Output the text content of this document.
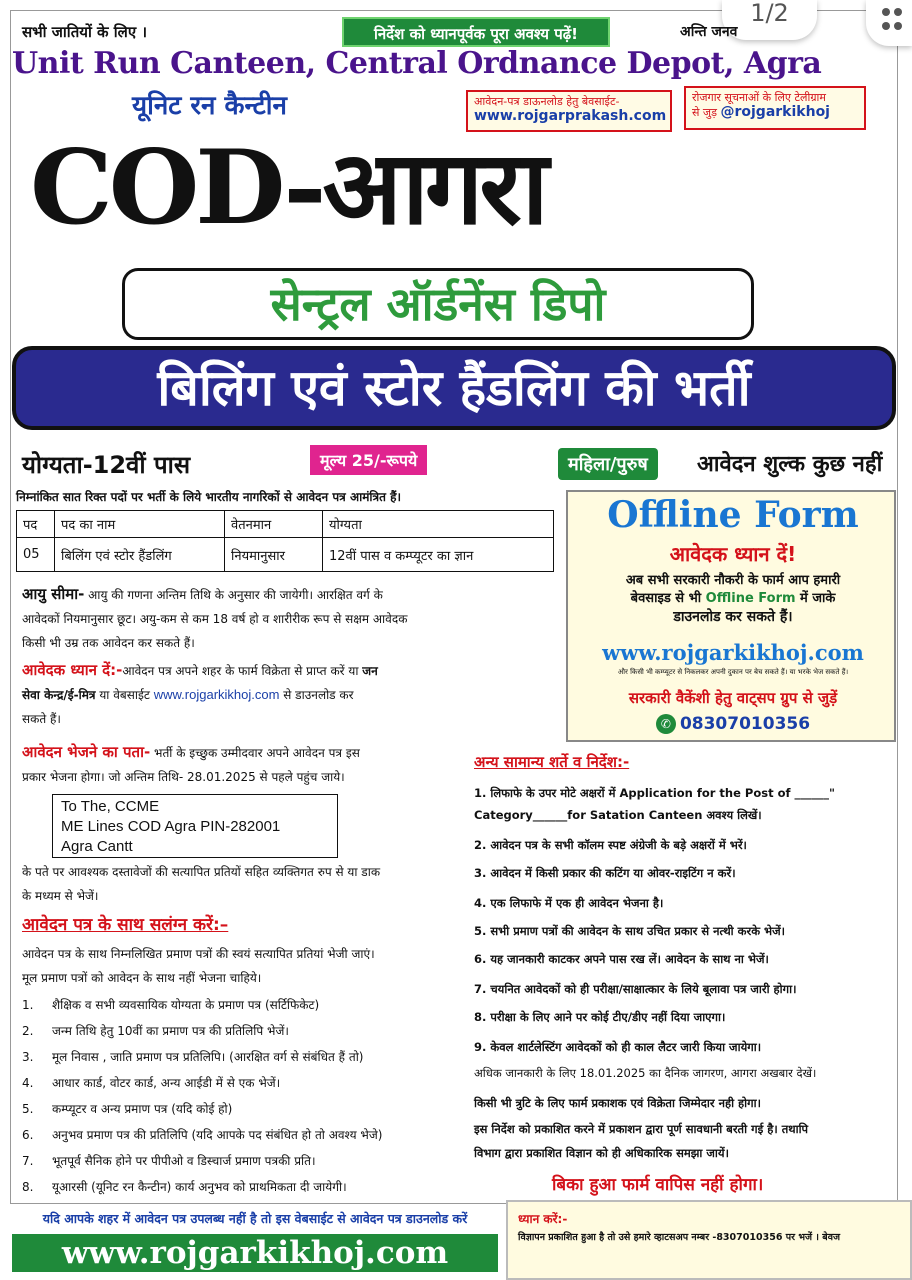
1/2
सभी जातियों के लिए ।	निर्देश को ध्यानपूर्वक पूरा अवश्य पढ़ें!	अन्ति जनव
Unit Run Canteen, Central Ordnance Depot, Agra
यूनिट रन कैन्टीन	आवेदन-पत्र डाऊनलोड हेतु बेवसाईट-
www.rojgarprakash.com
रोजगार सूचनाओं के लिए टेलीग्राम
से जुड़ @rojgarkikhoj
COD-आगरा
सेन्ट्रल ऑर्डनेंस डिपो
बिलिंग एवं स्टोर हैंडलिंग की भर्ती
योग्यता-12वीं पास	मूल्य 25/-रूपये	महिला/पुरुष	आवेदन शुल्क कुछ नहीं
निम्नांकित सात रिक्त पदों पर भर्ती के लिये भारतीय नागरिकों से आवेदन पत्र आमंत्रित हैं।
पद	पद का नाम	वेतनमान	योग्यता
05	बिलिंग एवं स्टोर हैंडलिंग	नियमानुसार	12वीं पास व कम्प्यूटर का ज्ञान
Offline Form
आवेदक ध्यान दें!
अब सभी सरकारी नौकरी के फार्म आप हमारी
बेवसाइड से भी Offline Form में जाके
डाउनलोड कर सकते हैं।
www.rojgarkikhoj.com
और किसी भी कम्प्यूटर से निकलकर अपनी दुकान पर बेच सकते हैं। या भरके भेज सकते हैं।
सरकारी वैकेंशी हेतु वाट्सप ग्रुप से जुड़ें
✆ 08307010356
आयु सीमा- आयु की गणना अन्तिम तिथि के अनुसार की जायेगी। आरक्षित वर्ग के
आवेदकों नियमानुसार छूट। अयु-कम से कम 18 वर्ष हो व शारीरीक रूप से सक्षम आवेदक
किसी भी उम्र तक आवेदन कर सकते हैं।
आवेदक ध्यान दें:-आवेदन पत्र अपने शहर के फार्म विक्रेता से प्राप्त करें या जन
सेवा केन्द्र/ई-मित्र या वेबसाईट www.rojgarkikhoj.com से डाउनलोड कर
सकते हैं।
आवेदन भेजने का पता- भर्ती के इच्छुक उम्मीदवार अपने आवेदन पत्र इस
प्रकार भेजना होगा। जो अन्तिम तिथि- 28.01.2025 से पहले पहुंच जाये।
To The, CCME
ME Lines COD Agra PIN-282001
Agra Cantt
के पते पर आवश्यक दस्तावेजों की सत्यापित प्रतियों सहित व्यक्तिगत रुप से या डाक
के मध्यम से भेजें।
आवेदन पत्र के साथ सलंग्न करें:–
आवेदन पत्र के साथ निम्नलिखित प्रमाण पत्रों की स्वयं सत्यापित प्रतियां भेजी जाएं।
मूल प्रमाण पत्रों को आवेदन के साथ नहीं भेजना चाहिये।
1. शैक्षिक व सभी व्यवसायिक योग्यता के प्रमाण पत्र (सर्टिफिकेट)
2. जन्म तिथि हेतु 10वीं का प्रमाण पत्र की प्रतिलिपि भेजें।
3. मूल निवास , जाति प्रमाण पत्र प्रतिलिपि। (आरक्षित वर्ग से संबंधित हैं तो)
4. आधार कार्ड, वोटर कार्ड, अन्य आईडी में से एक भेजें।
5. कम्प्यूटर व अन्य प्रमाण पत्र (यदि कोई हो)
6. अनुभव प्रमाण पत्र की प्रतिलिपि (यदि आपके पद संबंधित हो तो अवश्य भेजे)
7. भूतपूर्व सैनिक होने पर पीपीओ व डिस्चार्ज प्रमाण पत्रकी प्रति।
8. यूआरसी (यूनिट रन कैन्टीन) कार्य अनुभव को प्राथमिकता दी जायेगी।
अन्य सामान्य शर्ते व निर्देश:-
1. लिफाफे के उपर मोटे अक्षरों में Application for the Post of ______"
Category______for Satation Canteen अवश्य लिखें।
2. आवेदन पत्र के सभी कॉलम स्पष्ट अंग्रेजी के बड़े अक्षरों में भरें।
3. आवेदन में किसी प्रकार की कटिंग या ओवर-राइटिंग न करें।
4. एक लिफाफे में एक ही आवेदन भेजना है।
5. सभी प्रमाण पत्रों की आवेदन के साथ उचित प्रकार से नत्थी करके भेजें।
6. यह जानकारी काटकर अपने पास रख लें। आवेदन के साथ ना भेजें।
7. चयनित आवेदकों को ही परीक्षा/साक्षात्कार के लिये बूलावा पत्र जारी होगा।
8. परीक्षा के लिए आने पर कोई टीए/डीए नहीं दिया जाएगा।
9. केवल शार्टलेस्टिंग आवेदकों को ही काल लैटर जारी किया जायेगा।
अधिक जानकारी के लिए 18.01.2025 का दैनिक जागरण, आगरा अखबार देखें।
किसी भी त्रुटि के लिए फार्म प्रकाशक एवं विक्रेता जिम्मेदार नही होगा।
इस निर्देश को प्रकाशित करने में प्रकाशन द्वारा पूर्ण सावधानी बरती गई है। तथापि
विभाग द्वारा प्रकाशित विज्ञान को ही अधिकारिक समझा जायें।
बिका हुआ फार्म वापिस नहीं होगा।
यदि आपके शहर में आवेदन पत्र उपलब्ध नहीं है तो इस वेबसाईट से आवेदन पत्र डाउनलोड करें
www.rojgarkikhoj.com
ध्यान करें:-
विज्ञापन प्रकाशित हुआ है तो उसे हमारे व्हाटसअप नम्बर -8307010356 पर भजें । बेवज
